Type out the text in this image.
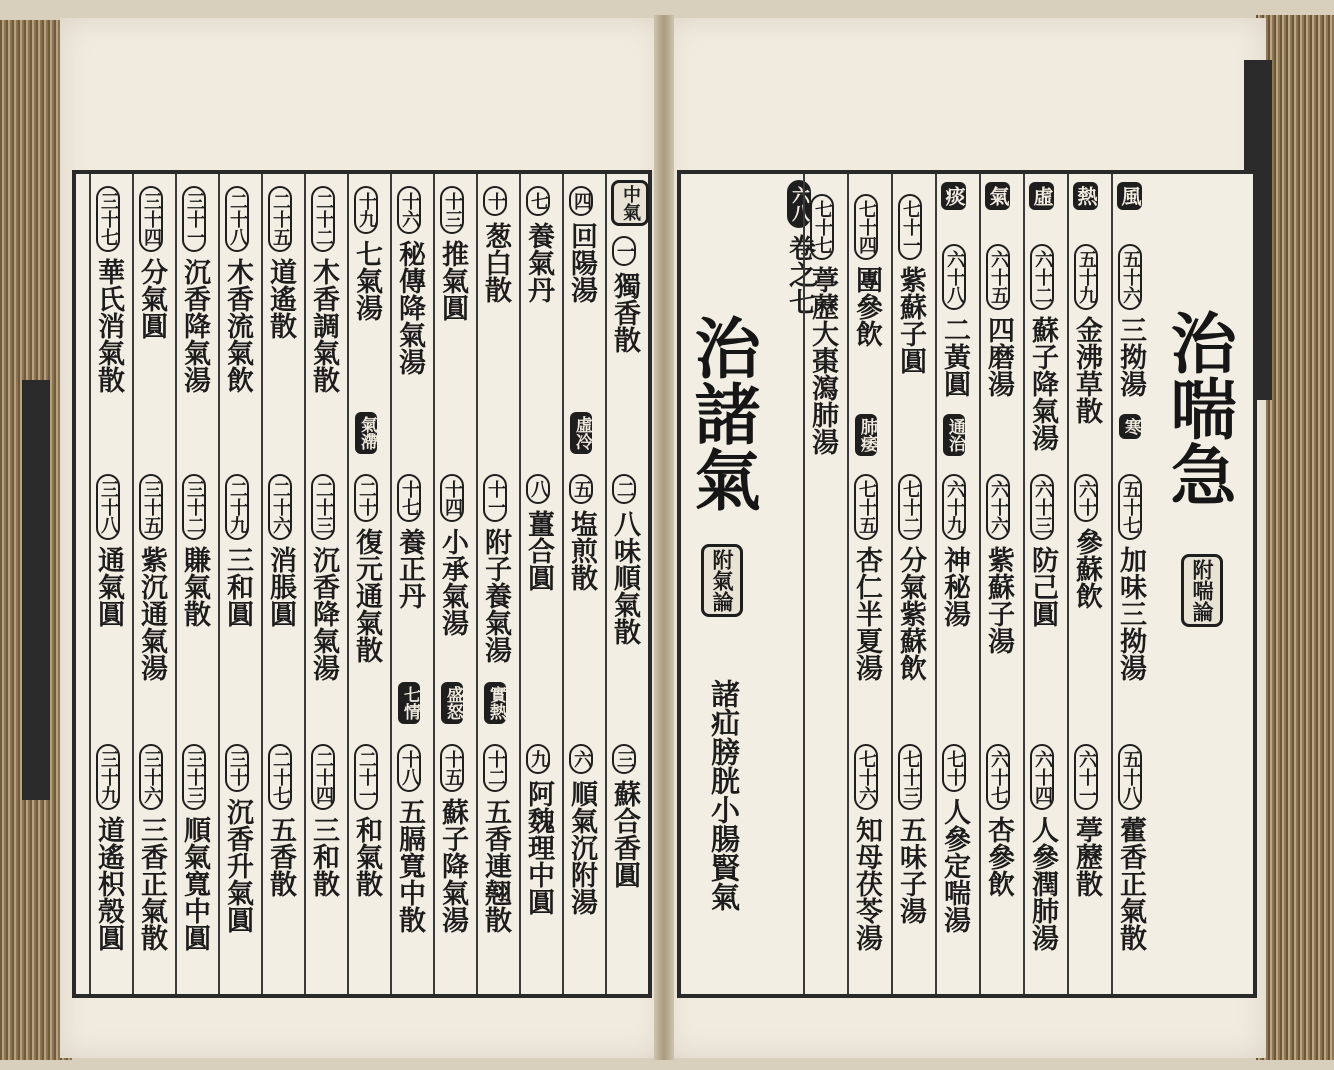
中氣
一獨香散
二八味順氣散
三蘇合香圓
四回陽湯
虛冷
五塩煎散
六順氣沉附湯
七養氣丹
八薑合圓
九阿魏理中圓
十葱白散
十一附子養氣湯
實熱
十二五香連翹散
十三推氣圓
十四小承氣湯
盛怒
十五蘇子降氣湯
十六秘傳降氣湯
十七養正丹
七情
十八五膈寬中散
十九七氣湯
氣滯
二十復元通氣散
二十一和氣散
二十二木香調氣散
二十三沉香降氣湯
二十四三和散
二十五道遙散
二十六消脹圓
二十七五香散
二十八木香流氣飲
二十九三和圓
三十沉香升氣圓
三十一沉香降氣湯
三十二賺氣散
三十三順氣寬中圓
三十四分氣圓
三十五紫沉通氣湯
三十六三香正氣散
三十七華氏消氣散
三十八通氣圓
三十九道遙枳殼圓
治喘急
附喘論
六八卷之七
治諸氣
附氣論
諸疝膀胱小腸賢氣
風
五十六三拗湯
寒
五十七加味三拗湯
五十八藿香正氣散
熱
五十九金沸草散
六十參蘇飲
六十一葶藶散
虛
六十二蘇子降氣湯
六十三防己圓
六十四人參潤肺湯
氣
六十五四磨湯
六十六紫蘇子湯
六十七杏參飲
痰
六十八二黃圓
通治
六十九神秘湯
七十人參定喘湯
七十一紫蘇子圓
七十二分氣紫蘇飲
七十三五味子湯
七十四團參飲
肺痿
七十五杏仁半夏湯
七十六知母茯苓湯
七十七葶藶大棗瀉肺湯
